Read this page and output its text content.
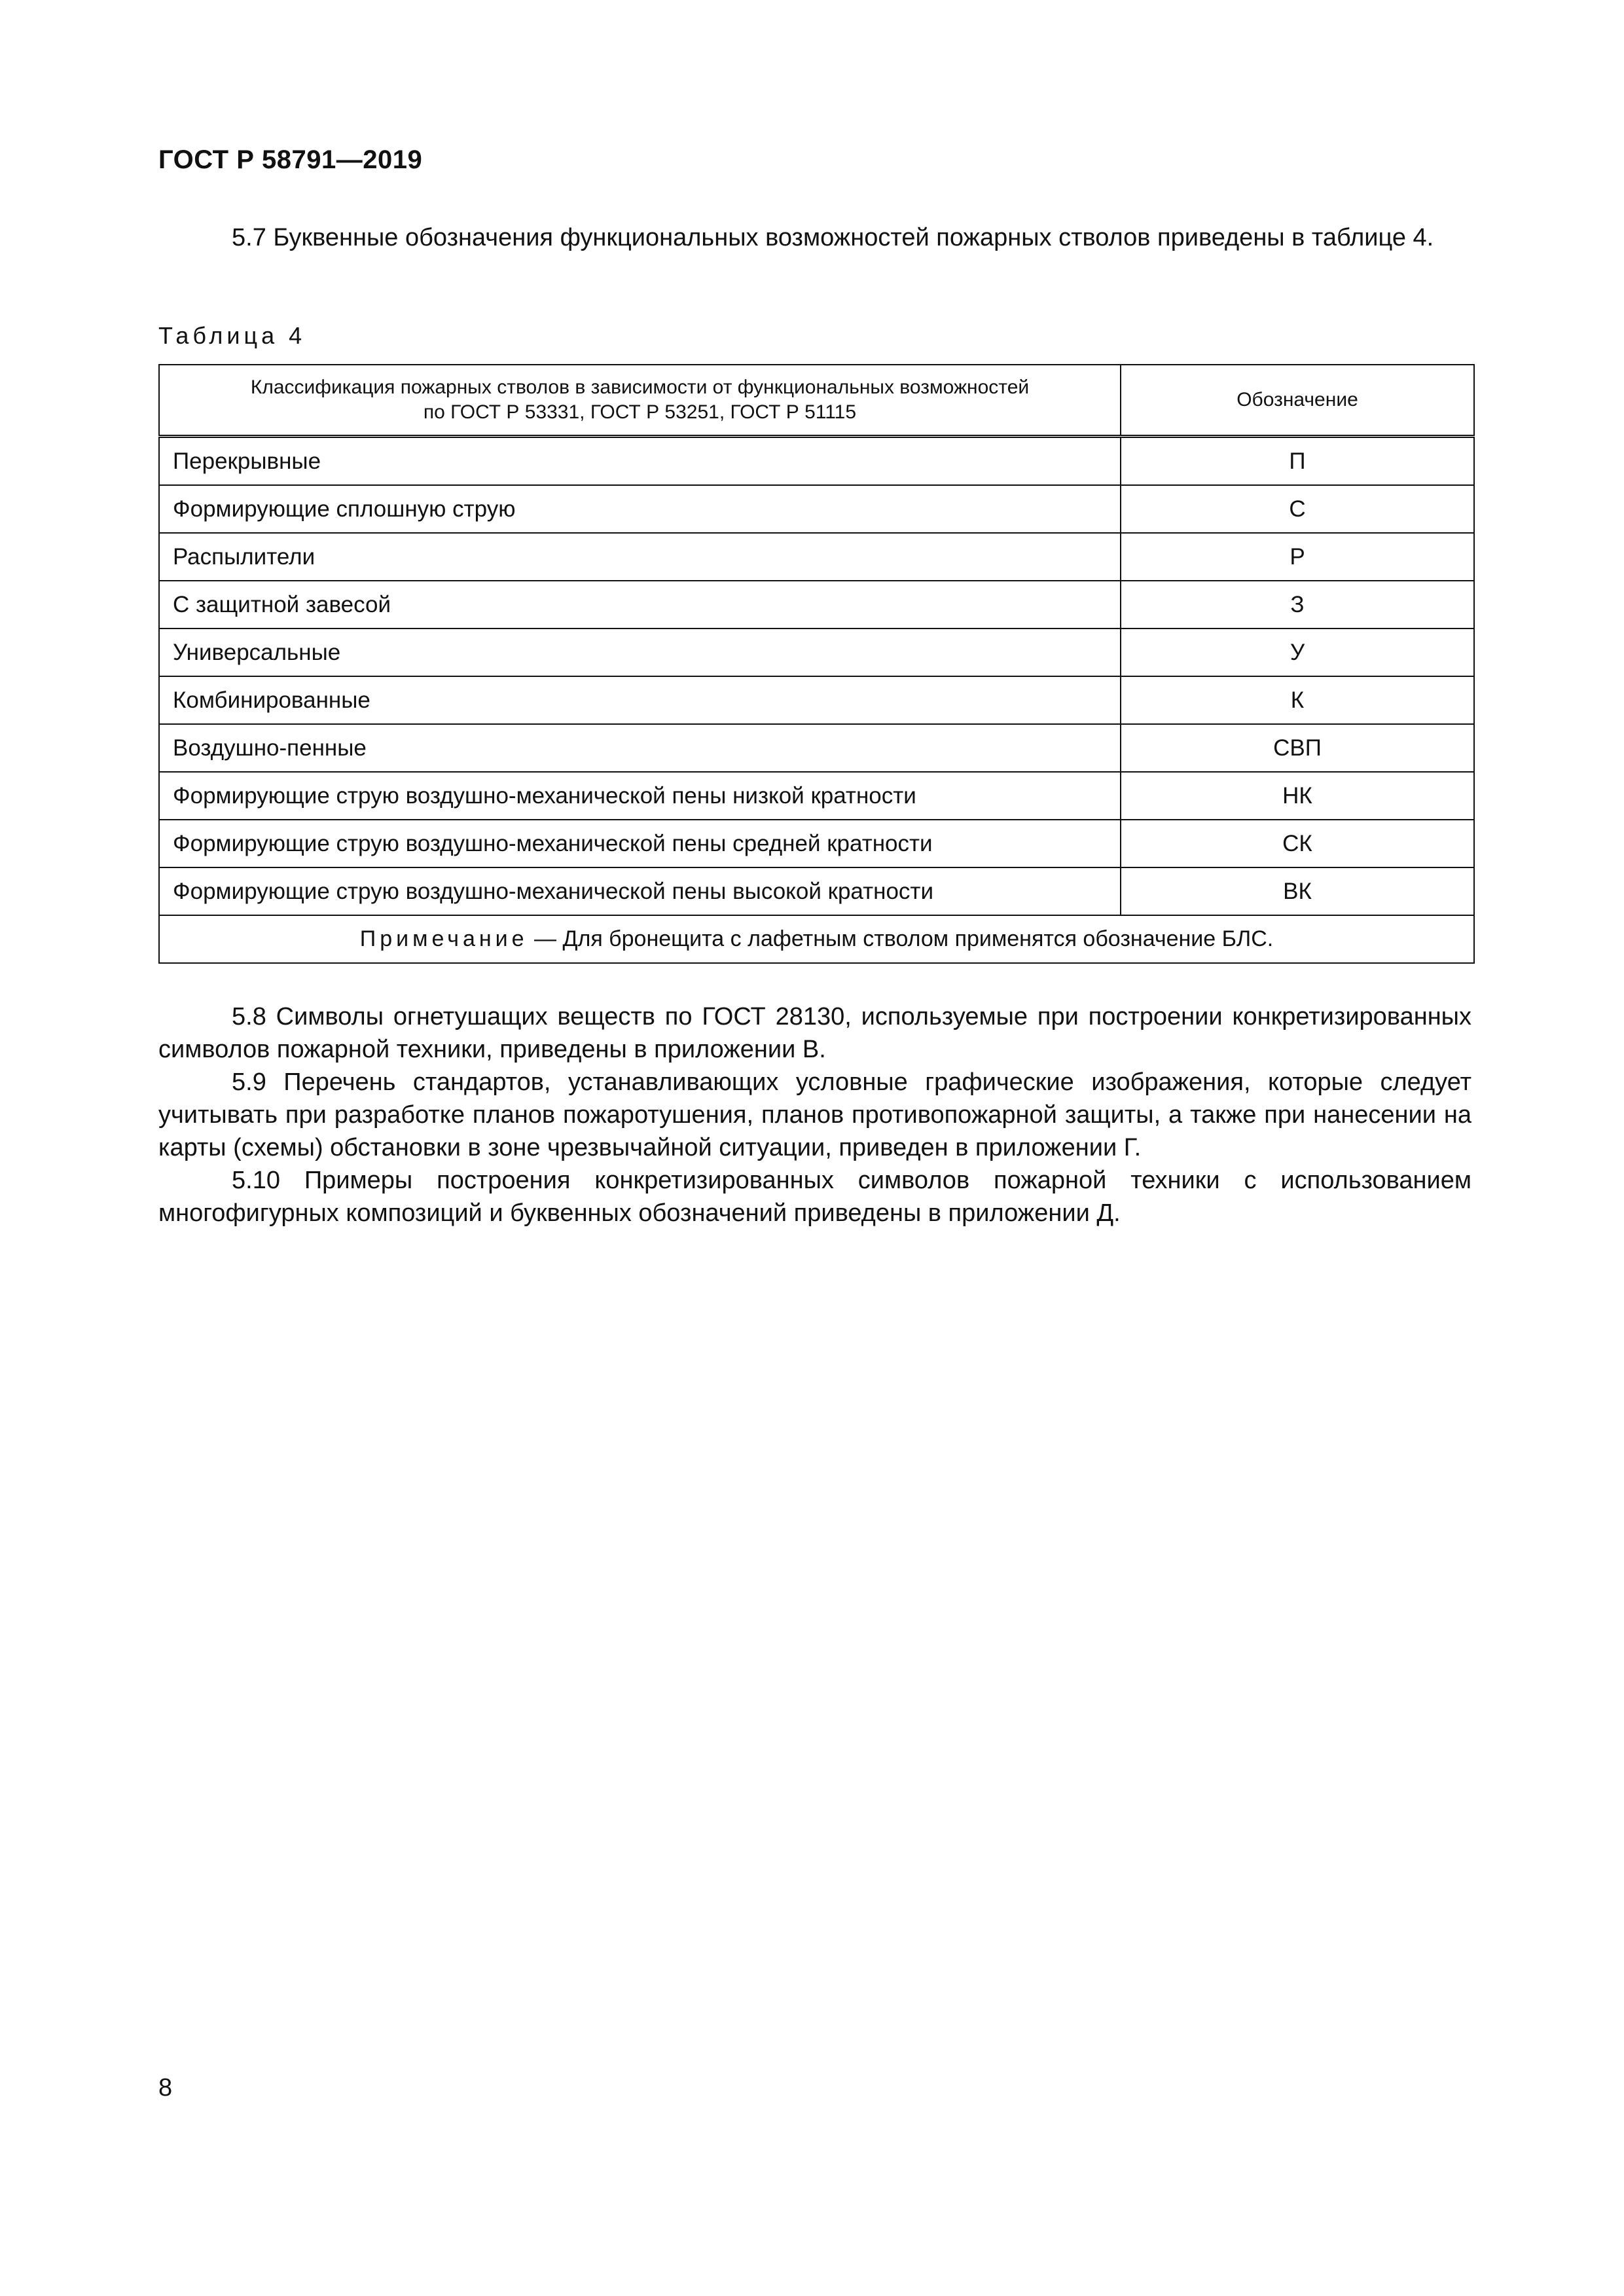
ГОСТ Р 58791—2019
5.7 Буквенные обозначения функциональных возможностей пожарных стволов приведены в таблице 4.
Таблица 4
Классификация пожарных стволов в зависимости от функциональных возможностей
по ГОСТ Р 53331, ГОСТ Р 53251, ГОСТ Р 51115	Обозначение
Перекрывные	П
Формирующие сплошную струю	С
Распылители	Р
С защитной завесой	З
Универсальные	У
Комбинированные	К
Воздушно-пенные	СВП
Формирующие струю воздушно-механической пены низкой кратности	НК
Формирующие струю воздушно-механической пены средней кратности	СК
Формирующие струю воздушно-механической пены высокой кратности	ВК
Примечание — Для бронещита с лафетным стволом применятся обозначение БЛС.	

5.8 Символы огнетушащих веществ по ГОСТ 28130, используемые при построении конкретизированных символов пожарной техники, приведены в приложении В.

5.9 Перечень стандартов, устанавливающих условные графические изображения, которые следует учитывать при разработке планов пожаротушения, планов противопожарной защиты, а также при нанесении на карты (схемы) обстановки в зоне чрезвычайной ситуации, приведен в приложении Г.

5.10 Примеры построения конкретизированных символов пожарной техники с использованием многофигурных композиций и буквенных обозначений приведены в приложении Д.

8
